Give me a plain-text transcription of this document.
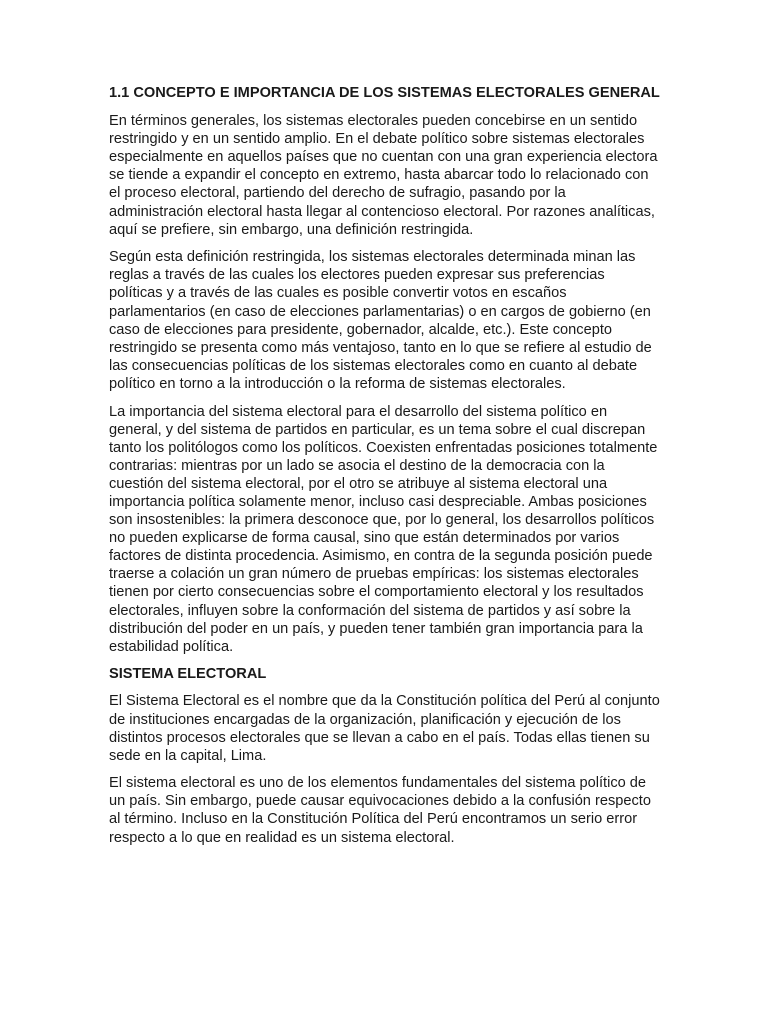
1.1 CONCEPTO E IMPORTANCIA DE LOS SISTEMAS ELECTORALES GENERAL

En términos generales, los sistemas electorales pueden concebirse en un sentido restringido y en un sentido amplio. En el debate político sobre sistemas electorales especialmente en aquellos países que no cuentan con una gran experiencia electora se tiende a expandir el concepto en extremo, hasta abarcar todo lo relacionado con el proceso electoral, partiendo del derecho de sufragio, pasando por la administración electoral hasta llegar al contencioso electoral. Por razones analíticas, aquí se prefiere, sin embargo, una definición restringida.

Según esta definición restringida, los sistemas electorales determinada minan las reglas a través de las cuales los electores pueden expresar sus preferencias políticas y a través de las cuales es posible convertir votos en escaños parlamentarios (en caso de elecciones parlamentarias) o en cargos de gobierno (en caso de elecciones para presidente, gobernador, alcalde, etc.). Este concepto restringido se presenta como más ventajoso, tanto en lo que se refiere al estudio de las consecuencias políticas de los sistemas electorales como en cuanto al debate político en torno a la introducción o la reforma de sistemas electorales.

La importancia del sistema electoral para el desarrollo del sistema político en general, y del sistema de partidos en particular, es un tema sobre el cual discrepan tanto los politólogos como los políticos. Coexisten enfrentadas posiciones totalmente contrarias: mientras por un lado se asocia el destino de la democracia con la cuestión del sistema electoral, por el otro se atribuye al sistema electoral una importancia política solamente menor, incluso casi despreciable. Ambas posiciones son insostenibles: la primera desconoce que, por lo general, los desarrollos políticos no pueden explicarse de forma causal, sino que están determinados por varios factores de distinta procedencia. Asimismo, en contra de la segunda posición puede traerse a colación un gran número de pruebas empíricas: los sistemas electorales tienen por cierto consecuencias sobre el comportamiento electoral y los resultados electorales, influyen sobre la conformación del sistema de partidos y así sobre la distribución del poder en un país, y pueden tener también gran importancia para la estabilidad política.

SISTEMA ELECTORAL

El Sistema Electoral es el nombre que da la Constitución política del Perú al conjunto de instituciones encargadas de la organización, planificación y ejecución de los distintos procesos electorales que se llevan a cabo en el país. Todas ellas tienen su sede en la capital, Lima.

El sistema electoral es uno de los elementos fundamentales del sistema político de un país. Sin embargo, puede causar equivocaciones debido a la confusión respecto al término. Incluso en la Constitución Política del Perú encontramos un serio error respecto a lo que en realidad es un sistema electoral.
